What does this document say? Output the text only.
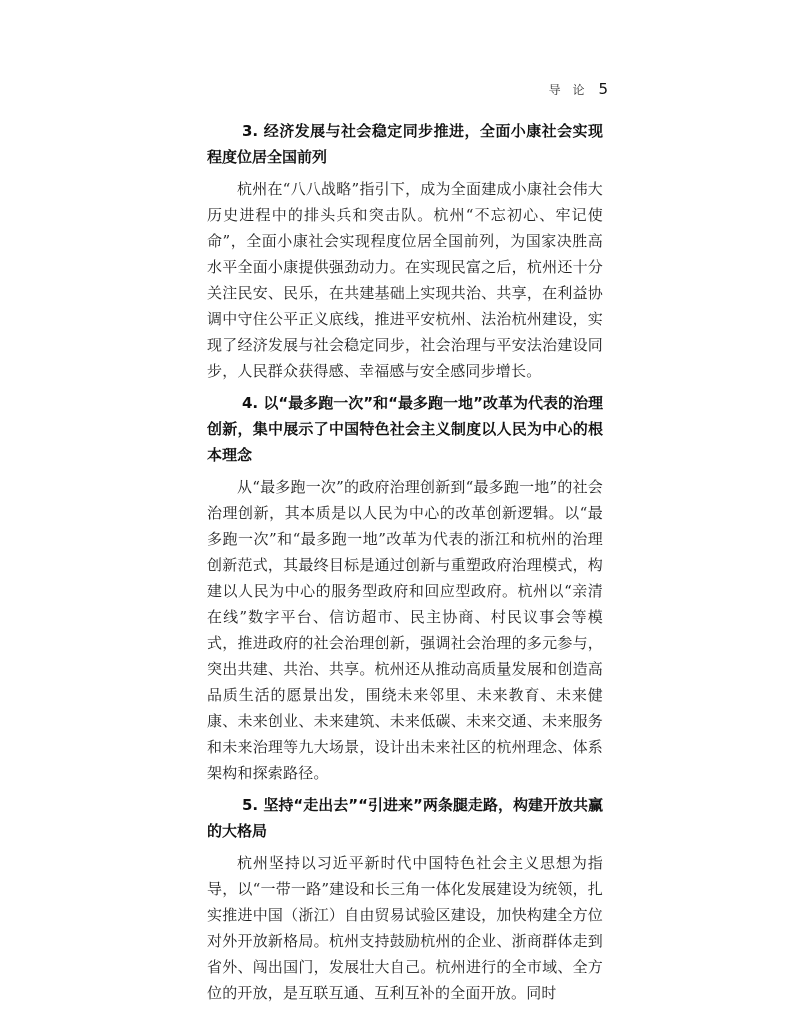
导 论 5
3. 经济发展与社会稳定同步推进，全面小康社会实现程度位居全国前列

杭州在“八八战略”指引下，成为全面建成小康社会伟大历史进程中的排头兵和突击队。杭州“不忘初心、牢记使命”，全面小康社会实现程度位居全国前列，为国家决胜高水平全面小康提供强劲动力。在实现民富之后，杭州还十分关注民安、民乐，在共建基础上实现共治、共享，在利益协调中守住公平正义底线，推进平安杭州、法治杭州建设，实现了经济发展与社会稳定同步，社会治理与平安法治建设同步，人民群众获得感、幸福感与安全感同步增长。

4. 以“最多跑一次”和“最多跑一地”改革为代表的治理创新，集中展示了中国特色社会主义制度以人民为中心的根本理念

从“最多跑一次”的政府治理创新到“最多跑一地”的社会治理创新，其本质是以人民为中心的改革创新逻辑。以“最多跑一次”和“最多跑一地”改革为代表的浙江和杭州的治理创新范式，其最终目标是通过创新与重塑政府治理模式，构建以人民为中心的服务型政府和回应型政府。杭州以“亲清在线”数字平台、信访超市、民主协商、村民议事会等模式，推进政府的社会治理创新，强调社会治理的多元参与，突出共建、共治、共享。杭州还从推动高质量发展和创造高品质生活的愿景出发，围绕未来邻里、未来教育、未来健康、未来创业、未来建筑、未来低碳、未来交通、未来服务和未来治理等九大场景，设计出未来社区的杭州理念、体系架构和探索路径。

5. 坚持“走出去”“引进来”两条腿走路，构建开放共赢的大格局

杭州坚持以习近平新时代中国特色社会主义思想为指导，以“一带一路”建设和长三角一体化发展建设为统领，扎实推进中国（浙江）自由贸易试验区建设，加快构建全方位对外开放新格局。杭州支持鼓励杭州的企业、浙商群体走到省外、闯出国门，发展壮大自己。杭州进行的全市域、全方位的开放，是互联互通、互利互补的全面开放。同时
